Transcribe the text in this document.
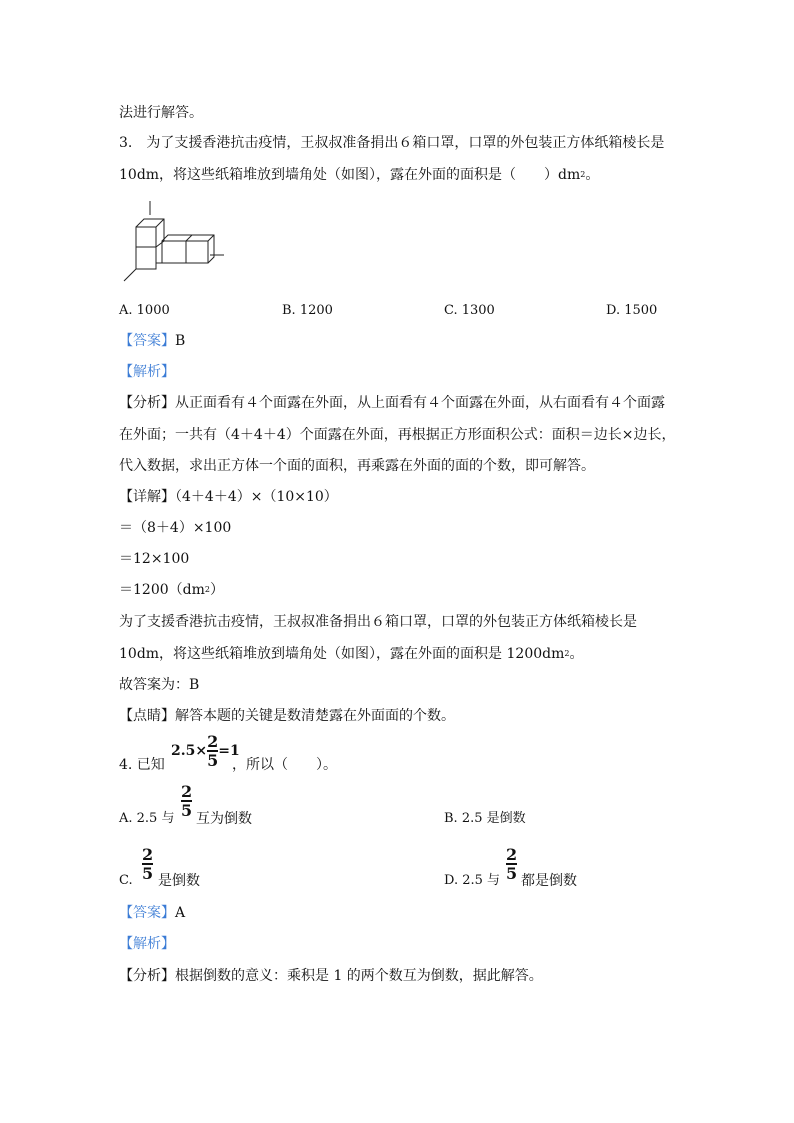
法进行解答。
3.　为了支援香港抗击疫情，王叔叔准备捐出６箱口罩，口罩的外包装正方体纸箱棱长是
10dm，将这些纸箱堆放到墙角处（如图），露在外面的面积是（　　）$dm^2$。
A. 1000	B. 1200	C. 1300	D. 1500
【答案】B
【解析】
【分析】从正面看有４个面露在外面，从上面看有４个面露在外面，从右面看有４个面露
在外面；一共有（4＋4＋4）个面露在外面，再根据正方形面积公式：面积＝边长×边长，
代入数据，求出正方体一个面的面积，再乘露在外面的面的个数，即可解答。
【详解】（4＋4＋4）×（10×10）
＝（8＋4）×100
＝12×100
$=1200(dm^2)$
为了支援香港抗击疫情，王叔叔准备捐出６箱口罩，口罩的外包装正方体纸箱棱长是
10dm，将这些纸箱堆放到墙角处（如图），露在外面的面积是 $1200dm^2$。
故答案为：B
【点睛】解答本题的关键是数清楚露在外面面的个数。
4. 已知
$2.5\times \frac{2}{5} =1$
，所以（　　）。
A. 2.5 与
2
5 互为倒数	B. 2.5 是倒数
C.
2
5 是倒数	D. 2.5 与
2
5 都是倒数
【答案】A
【解析】
【分析】根据倒数的意义：乘积是 1 的两个数互为倒数，据此解答。
